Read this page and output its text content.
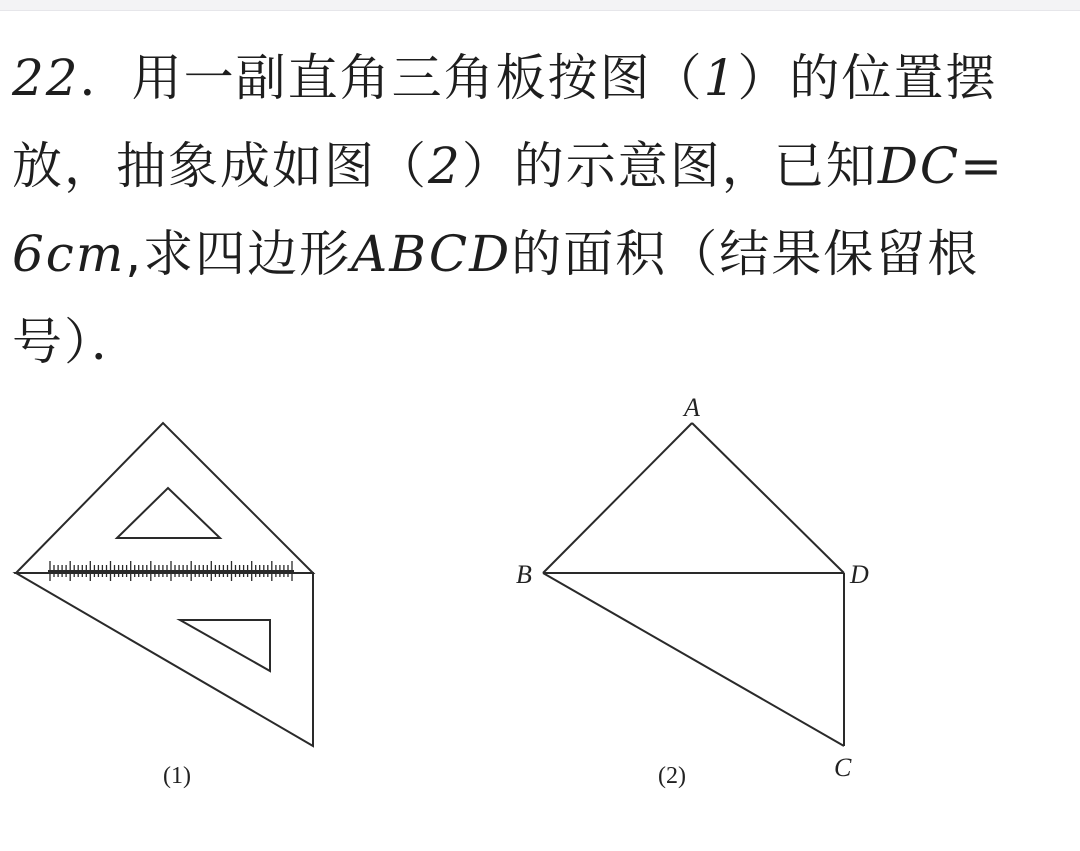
22．用一副直角三角板按图（1）的位置摆
放，抽象成如图（2）的示意图，已知DC=
6cm,求四边形ABCD的面积（结果保留根
号）．
(1)
A
B	D
C
(2)
